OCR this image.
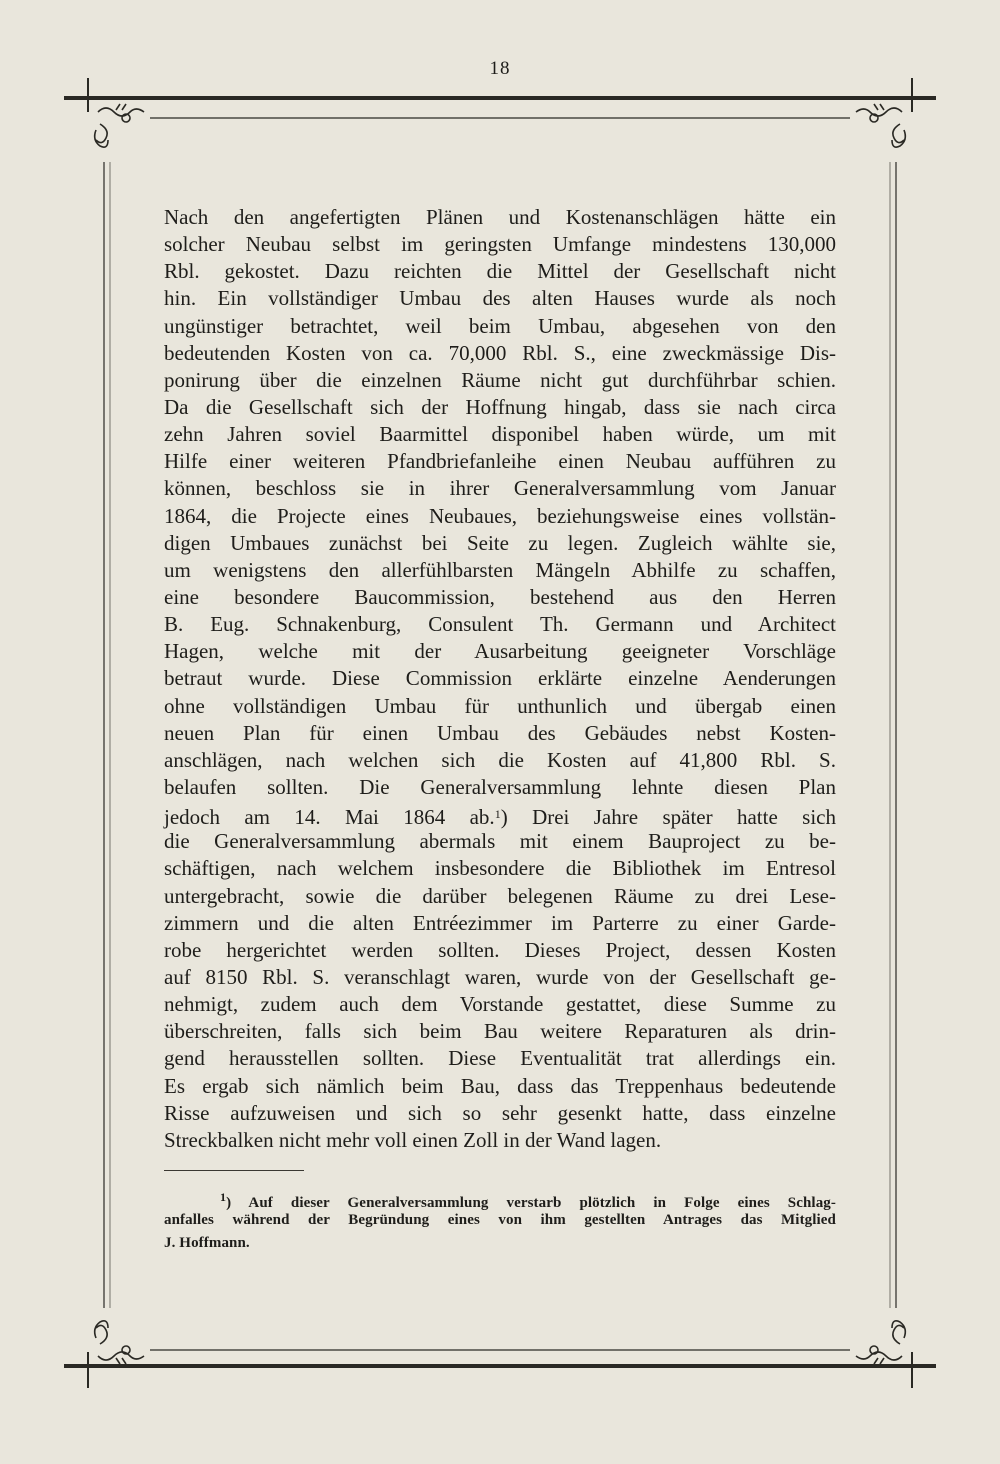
18
Nach den angefertigten Plänen und Kostenanschlägen hätte ein
solcher Neubau selbst im geringsten Umfange mindestens 130,000
Rbl. gekostet. Dazu reichten die Mittel der Gesellschaft nicht
hin. Ein vollständiger Umbau des alten Hauses wurde als noch
ungünstiger betrachtet, weil beim Umbau, abgesehen von den
bedeutenden Kosten von ca. 70,000 Rbl. S., eine zweckmässige Dis-
ponirung über die einzelnen Räume nicht gut durchführbar schien.
Da die Gesellschaft sich der Hoffnung hingab, dass sie nach circa
zehn Jahren soviel Baarmittel disponibel haben würde, um mit
Hilfe einer weiteren Pfandbriefanleihe einen Neubau aufführen zu
können, beschloss sie in ihrer Generalversammlung vom Januar
1864, die Projecte eines Neubaues, beziehungsweise eines vollstän-
digen Umbaues zunächst bei Seite zu legen. Zugleich wählte sie,
um wenigstens den allerfühlbarsten Mängeln Abhilfe zu schaffen,
eine besondere Baucommission, bestehend aus den Herren
B. Eug. Schnakenburg, Consulent Th. Germann und Architect
Hagen, welche mit der Ausarbeitung geeigneter Vorschläge
betraut wurde. Diese Commission erklärte einzelne Aenderungen
ohne vollständigen Umbau für unthunlich und übergab einen
neuen Plan für einen Umbau des Gebäudes nebst Kosten-
anschlägen, nach welchen sich die Kosten auf 41,800 Rbl. S.
belaufen sollten. Die Generalversammlung lehnte diesen Plan
jedoch am 14. Mai 1864 ab.$^1$) Drei Jahre später hatte sich
die Generalversammlung abermals mit einem Bauproject zu be-
schäftigen, nach welchem insbesondere die Bibliothek im Entresol
untergebracht, sowie die darüber belegenen Räume zu drei Lese-
zimmern und die alten Entréezimmer im Parterre zu einer Garde-
robe hergerichtet werden sollten. Dieses Project, dessen Kosten
auf 8150 Rbl. S. veranschlagt waren, wurde von der Gesellschaft ge-
nehmigt, zudem auch dem Vorstande gestattet, diese Summe zu
überschreiten, falls sich beim Bau weitere Reparaturen als drin-
gend herausstellen sollten. Diese Eventualität trat allerdings ein.
Es ergab sich nämlich beim Bau, dass das Treppenhaus bedeutende
Risse aufzuweisen und sich so sehr gesenkt hatte, dass einzelne
Streckbalken nicht mehr voll einen Zoll in der Wand lagen.
$^1$) Auf dieser Generalversammlung verstarb plötzlich in Folge eines Schlag-
anfalles während der Begründung eines von ihm gestellten Antrages das Mitglied
J. Hoffmann.
